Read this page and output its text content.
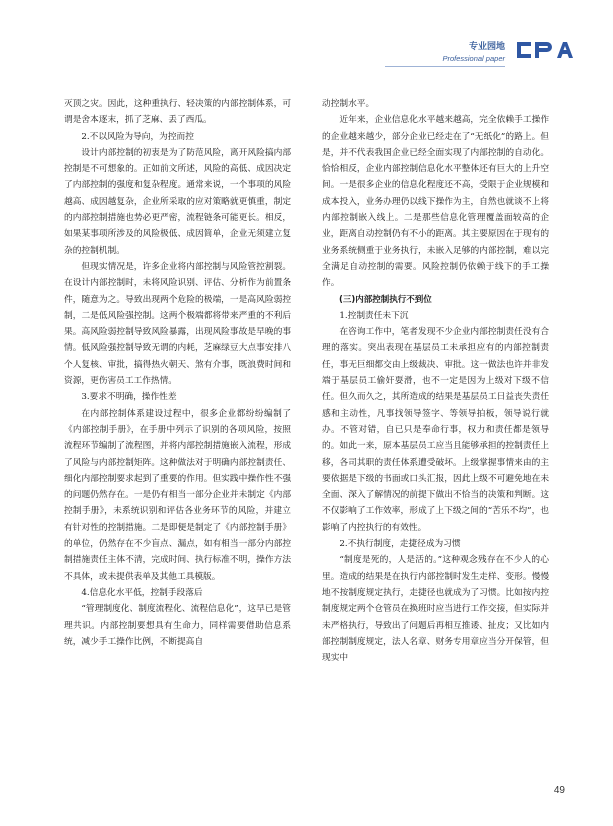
专业园地
Professional paper

灭顶之灾。因此，这种重执行、轻决策的内部控制体系，可谓是舍本逐末，抓了芝麻、丢了西瓜。

2.不以风险为导向，为控而控

设计内部控制的初衷是为了防范风险，离开风险搞内部控制是不可想象的。正如前文所述，风险的高低、成因决定了内部控制的强度和复杂程度。通常来说，一个事项的风险越高、成因越复杂，企业所采取的应对策略就更慎重，制定的内部控制措施也势必更严密，流程链条可能更长。相反，如果某事项所涉及的风险极低、成因简单，企业无须建立复杂的控制机制。

但现实情况是，许多企业将内部控制与风险管控割裂。在设计内部控制时，未将风险识别、评估、分析作为前置条件，随意为之。导致出现两个危险的极端，一是高风险弱控制，二是低风险强控制。这两个极端都将带来严重的不利后果。高风险弱控制导致风险暴露，出现风险事故是早晚的事情。低风险强控制导致无谓的内耗，芝麻绿豆大点事安排八个人复核、审批，搞得热火朝天、煞有介事，既浪费时间和资源，更伤害员工工作热情。

3.要求不明确，操作性差

在内部控制体系建设过程中，很多企业都纷纷编制了《内部控制手册》，在手册中列示了识别的各项风险，按照流程环节编制了流程图，并将内部控制措施嵌入流程，形成了风险与内部控制矩阵。这种做法对于明确内部控制责任、细化内部控制要求起到了重要的作用。但实践中操作性不强的问题仍然存在。一是仍有相当一部分企业并未制定《内部控制手册》，未系统识别和评估各业务环节的风险，并建立有针对性的控制措施。二是即便是制定了《内部控制手册》的单位，仍然存在不少盲点、漏点，如有相当一部分内部控制措施责任主体不清，完成时间、执行标准不明，操作方法不具体，或未提供表单及其他工具模版。

4.信息化水平低，控制手段落后

“管理制度化、制度流程化、流程信息化”，这早已是管理共识。内部控制要想具有生命力，同样需要借助信息系统，减少手工操作比例，不断提高自

动控制水平。

近年来，企业信息化水平越来越高，完全依赖手工操作的企业越来越少，部分企业已经走在了“无纸化”的路上。但是，并不代表我国企业已经全面实现了内部控制的自动化。恰恰相反，企业内部控制信息化水平整体还有巨大的上升空间。一是很多企业的信息化程度还不高，受限于企业规模和成本投入，业务办理仍以线下操作为主，自然也就谈不上将内部控制嵌入线上。二是那些信息化管理覆盖面较高的企业，距离自动控制仍有不小的距离。其主要原因在于现有的业务系统侧重于业务执行，未嵌入足够的内部控制，难以完全满足自动控制的需要。风险控制仍依赖于线下的手工操作。

(三)内部控制执行不到位

1.控制责任未下沉

在咨询工作中，笔者发现不少企业内部控制责任没有合理的落实。突出表现在基层员工未承担应有的内部控制责任，事无巨细都交由上级裁决、审批。这一做法也许并非发端于基层员工偷奸耍滑，也不一定是因为上级对下级不信任。但久而久之，其所造成的结果是基层员工日益丧失责任感和主动性，凡事找领导签字、等领导拍板，领导说行就办。不管对错，自已只是奉命行事，权力和责任都是领导的。如此一来，原本基层员工应当且能够承担的控制责任上移，各司其职的责任体系遭受破坏。上级掌握事情来由的主要依据是下级的书面或口头汇报，因此上级不可避免地在未全面、深入了解情况的前提下做出不恰当的决策和判断。这不仅影响了工作效率，形成了上下级之间的“苦乐不均”，也影响了内控执行的有效性。

2.不执行制度，走捷径成为习惯

“制度是死的，人是活的。”这种观念残存在不少人的心里。造成的结果是在执行内部控制时发生走样、变形。慢慢地不按制度规定执行，走捷径也就成为了习惯。比如按内控制度规定两个仓管员在换班时应当进行工作交接，但实际并未严格执行，导致出了问题后再相互推诿、扯皮；又比如内部控制制度规定，法人名章、财务专用章应当分开保管，但现实中

49
